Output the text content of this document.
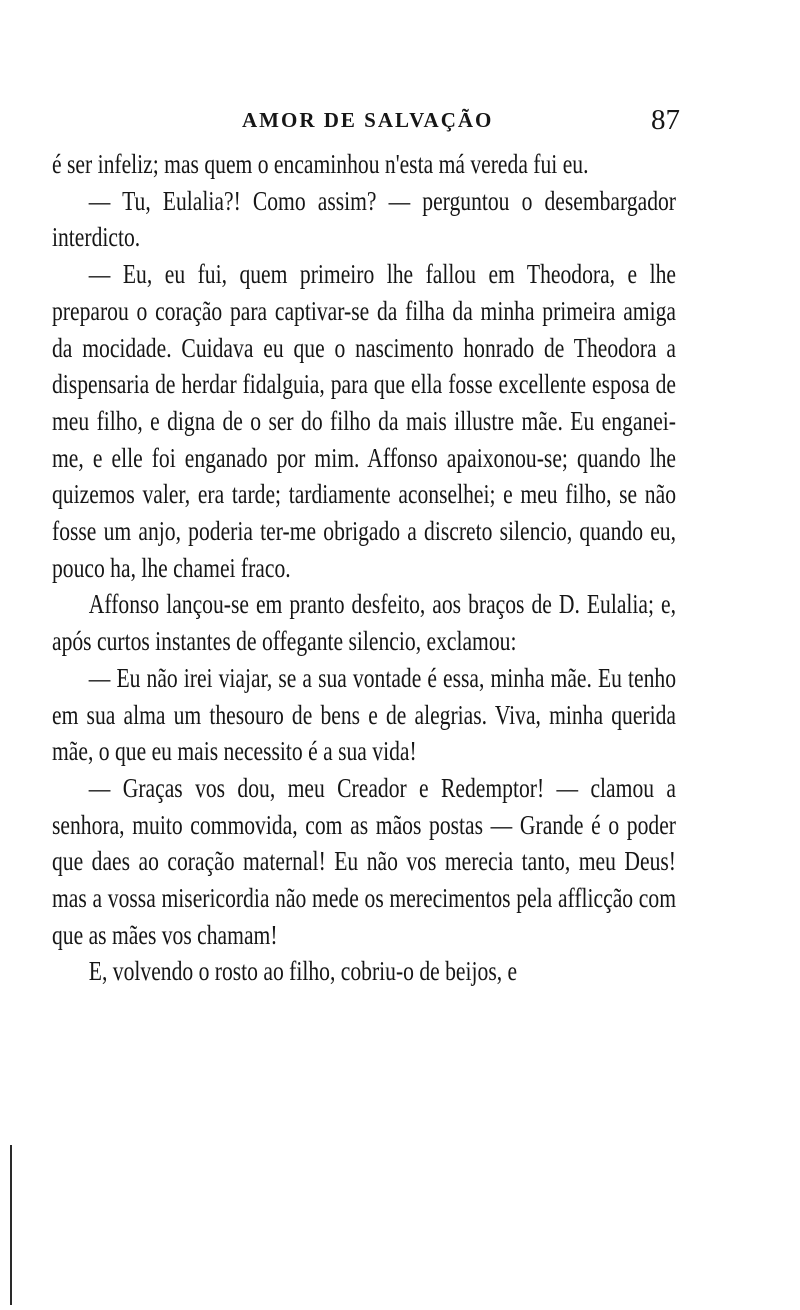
AMOR DE SALVAÇÃO	87

é ser infeliz; mas quem o encaminhou n'esta má vereda fui eu.

— Tu, Eulalia?! Como assim? — perguntou o desembargador interdicto.

— Eu, eu fui, quem primeiro lhe fallou em Theodora, e lhe preparou o coração para captivar-se da filha da minha primeira amiga da mocidade. Cuidava eu que o nascimento honrado de Theodora a dispensaria de herdar fidalguia, para que ella fosse excellente esposa de meu filho, e digna de o ser do filho da mais illustre mãe. Eu enganei-me, e elle foi enganado por mim. Affonso apaixonou-se; quando lhe quizemos valer, era tarde; tardiamente aconselhei; e meu filho, se não fosse um anjo, poderia ter-me obrigado a discreto silencio, quando eu, pouco ha, lhe chamei fraco.

Affonso lançou-se em pranto desfeito, aos braços de D. Eulalia; e, após curtos instantes de offegante silencio, exclamou:

— Eu não irei viajar, se a sua vontade é essa, minha mãe. Eu tenho em sua alma um thesouro de bens e de alegrias. Viva, minha querida mãe, o que eu mais necessito é a sua vida!

— Graças vos dou, meu Creador e Redemptor! — clamou a senhora, muito commovida, com as mãos postas — Grande é o poder que daes ao coração maternal! Eu não vos merecia tanto, meu Deus! mas a vossa misericordia não mede os merecimentos pela afflicção com que as mães vos chamam!

E, volvendo o rosto ao filho, cobriu-o de beijos, e
